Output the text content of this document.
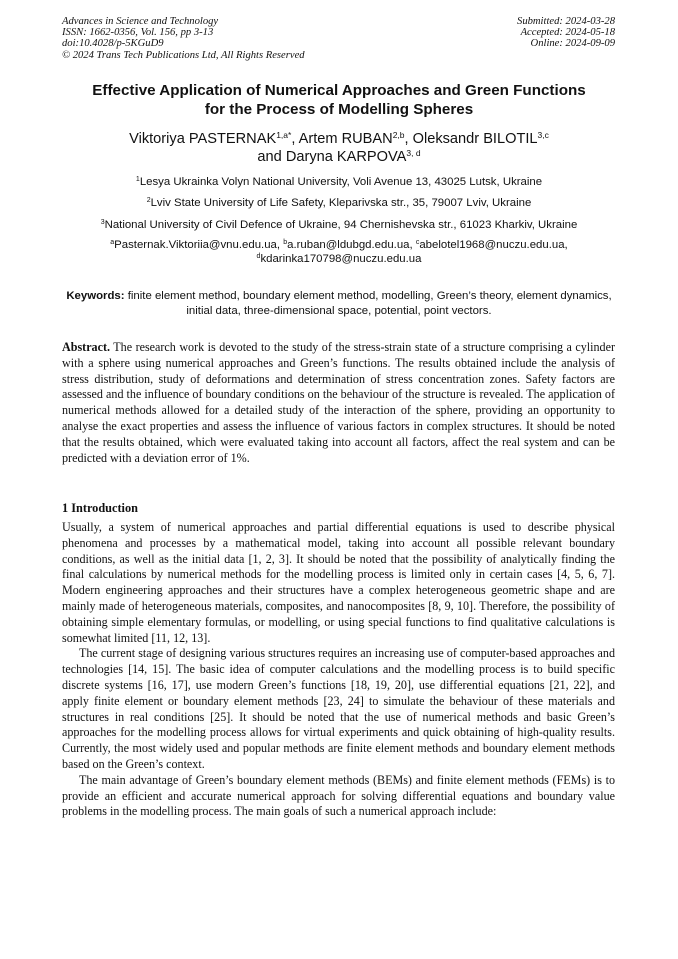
Advances in Science and Technology
ISSN: 1662-0356, Vol. 156, pp 3-13
doi:10.4028/p-5KGuD9
© 2024 Trans Tech Publications Ltd, All Rights Reserved
Submitted: 2024-03-28
Accepted: 2024-05-18
Online: 2024-09-09
Effective Application of Numerical Approaches and Green Functions
for the Process of Modelling Spheres
Viktoriya $PASTERNAK^{1,a*}$, Artem RUBAN$^{2,b}$, Oleksandr BILOTIL$^{3,c}$
and Daryna KARPOVA$^{3, d}$
$^1$Lesya Ukrainka Volyn National University, Voli Avenue 13, 43025 Lutsk, Ukraine
$^2$Lviv State University of Life Safety, Kleparivska str., 35, 79007 Lviv, Ukraine
$^3$National University of Civil Defence of Ukraine, 94 Chernishevska str., 61023 Kharkiv, Ukraine
$^a$Pasternak.Viktoriia@vnu.edu.ua, $^b$a.ruban@ldubgd.edu.ua, $^c$abelotel1968@nuczu.edu.ua,
$^d$kdarinka170798@nuczu.edu.ua
Keywords: finite element method, boundary element method, modelling, Green’s theory, element dynamics, initial data, three-dimensional space, potential, point vectors.
Abstract. The research work is devoted to the study of the stress-strain state of a structure comprising a cylinder with a sphere using numerical approaches and Green’s functions. The results obtained include the analysis of stress distribution, study of deformations and determination of stress concentration zones. Safety factors are assessed and the influence of boundary conditions on the behaviour of the structure is revealed. The application of numerical methods allowed for a detailed study of the interaction of the sphere, providing an opportunity to analyse the exact properties and assess the influence of various factors in complex structures. It should be noted that the results obtained, which were evaluated taking into account all factors, affect the real system and can be predicted with a deviation error of 1%.
1 Introduction

Usually, a system of numerical approaches and partial differential equations is used to describe physical phenomena and processes by a mathematical model, taking into account all possible relevant boundary conditions, as well as the initial data [1, 2, 3]. It should be noted that the possibility of analytically finding the final calculations by numerical methods for the modelling process is limited only in certain cases [4, 5, 6, 7]. Modern engineering approaches and their structures have a complex heterogeneous geometric shape and are mainly made of heterogeneous materials, composites, and nanocomposites [8, 9, 10]. Therefore, the possibility of obtaining simple elementary formulas, or modelling, or using special functions to find qualitative calculations is somewhat limited [11, 12, 13].

The current stage of designing various structures requires an increasing use of computer-based approaches and technologies [14, 15]. The basic idea of computer calculations and the modelling process is to build specific discrete systems [16, 17], use modern Green’s functions [18, 19, 20], use differential equations [21, 22], and apply finite element or boundary element methods [23, 24] to simulate the behaviour of these materials and structures in real conditions [25]. It should be noted that the use of numerical methods and basic Green’s approaches for the modelling process allows for virtual experiments and quick obtaining of high-quality results. Currently, the most widely used and popular methods are finite element methods and boundary element methods based on the Green’s context.

The main advantage of Green’s boundary element methods (BEMs) and finite element methods (FEMs) is to provide an efficient and accurate numerical approach for solving differential equations and boundary value problems in the modelling process. The main goals of such a numerical approach include:
